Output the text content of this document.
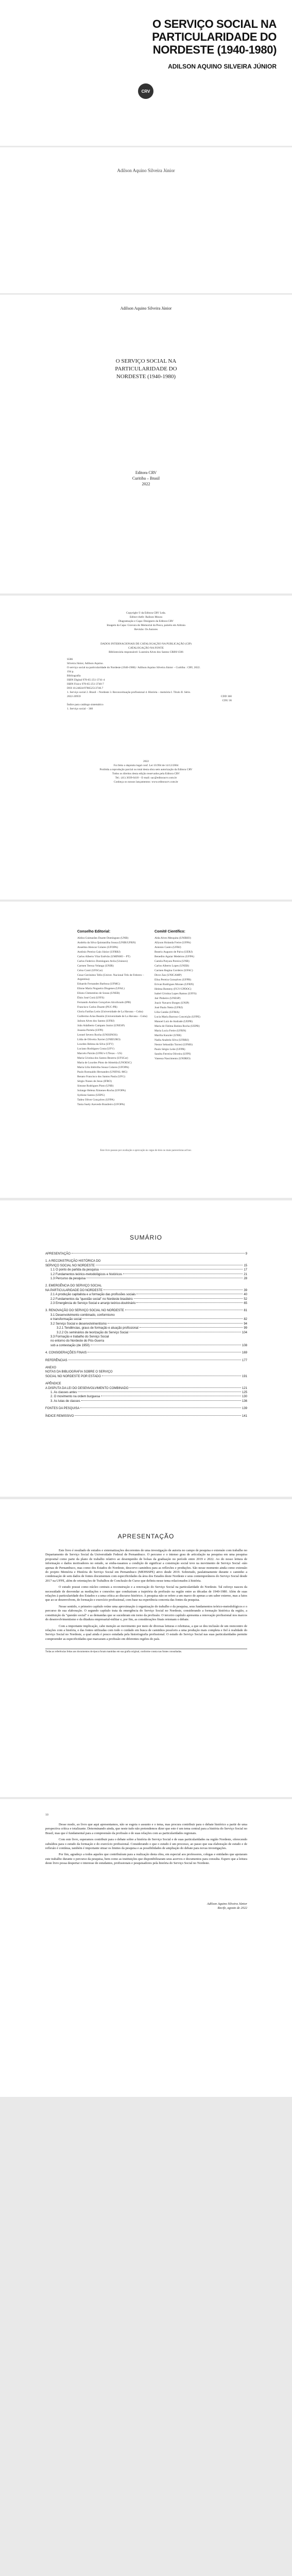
O SERVIÇO SOCIAL NA
PARTICULARIDADE DO
NORDESTE (1940-1980)
ADILSON AQUINO SILVEIRA JÚNIOR
CRV
Adilson Aquino Silveira Júnior
Adilson Aquino Silveira Júnior
O SERVIÇO SOCIAL NA
PARTICULARIDADE DO
NORDESTE (1940-1980)
Editora CRV
Curitiba – Brasil
2022
Copyright © da Editora CRV Ltda.
Editor-chefe: Railson Moura
Diagramação e Capa: Designers da Editora CRV
Imagem da Capa: Gravura do Memorial da Pesca, painéis em Aldraia
Revisão: Os Autores
DADOS INTERNACIONAIS DE CATALOGAÇÃO NA PUBLICAÇÃO (CIP)
CATALOGAÇÃO NA FONTE
Bibliotecária responsável: Luzenira Alves dos Santos CRB9/1506
S586
Silveira Júnior, Adilson Aquino.
O serviço social na particularidade do Nordeste (1940-1980) / Adilson Aquino Silveira Júnior – Curitiba : CRV, 2022.
194 p.
Bibliografia
ISBN Digital 978-65-251-3741-4
ISBN Físico 978-65-251-3740-7
DOI 10.24824/978652513740.7
1. Serviço social 2. Brasil – Nordeste 3. Reconceituação profissional 4. História – memória I. Título II. Série.
2022-20959	CDD 360
CDU 36
Índice para catálogo sistemático
1. Serviço social – 360
2022
Foi feito o depósito legal conf. Lei 10.994 de 14/12/2004
Proibida a reprodução parcial ou total desta obra sem autorização da Editora CRV
Todos os direitos desta edição reservados pela Editora CRV
Tel.: (41) 3039-6418 – E-mail: sac@editoracrv.com.br
Conheça os nossos lançamentos: www.editoracrv.com.br
Conselho Editorial:
Aldira Guimarães Duarte Domínguez (UNB)
Andréia da Silva Quintanilha Sousa (UNIR/UFRN)
Anselmo Alencar Colares (UFOPA)
Antônio Pereira Gaio Júnior (UFRRJ)
Carlos Alberto Vilar Estêvão (UMINHO – PT)
Carlos Federico Domínguez Avila (Unieuro)
Carmen Tereza Velanga (UNIR)
Celso Conti (UFSCar)
Cesar Gerónimo Tello (Univer. Nacional Três de Febrero – Argentina)
Eduardo Fernandes Barbosa (UFMG)
Elione Maria Nogueira Diogenes (UFAL)
Elizeu Clementino de Souza (UNEB)
Élsio José Corá (UFFS)
Fernando Antônio Gonçalves Alcoforado (IPB)
Francisco Carlos Duarte (PUC-PR)
Gloria Fariñas León (Universidade de La Havana – Cuba)
Guillermo Arias Beatón (Universidade de La Havana – Cuba)
Jailson Alves dos Santos (UFRJ)
João Adalberto Campato Junior (UNESP)
Josania Portela (UFPI)
Leonel Severo Rocha (UNISINOS)
Lídia de Oliveira Xavier (UNIEURO)
Lourdes Helena da Silva (UFV)
Luciano Rodrigues Costa (UFV)
Marcelo Paixão (UFRJ e UTexas – US)
Maria Cristina dos Santos Bezerra (UFSCar)
Maria de Lourdes Pinto de Almeida (UNOESC)
Maria Lília Imbiriba Sousa Colares (UFOPA)
Paulo Romualdo Hernandes (UNIFAL-MG)
Renato Francisco dos Santos Paula (UFG)
Sérgio Nunes de Jesus (IFRO)
Simone Rodrigues Pinto (UNB)
Solange Helena Ximenes-Rocha (UFOPA)
Sydione Santos (UEPG)
Tadeu Oliver Gonçalves (UFPA)
Tania Suely Azevedo Brasileiro (UFOPA)
Comitê Científico:
Alda Alves Mesquita (UNIRIO)
Allyson Holanda Freire (UFPA)
Antonio Castro (UFRJ)
Beatriz Augusto de Paiva (UERJ)
Benedito Aguiar Medeiros (UFPA)
Camila Potyara Pereira (UNB)
Carlos Alberto Lopes (UNEB)
Carmen Regina Cordeiro (UFAC)
Dirce Zan (UNICAMP)
Elisa Pereira Gonsalves (UFPB)
Erivan Rodrigues Moraes (UFRN)
Helena Bomeny (FGV/CPDOC)
Isabel Cristina Lopes Ramos (UFFS)
Jair Pinheiro (UNESP)
Joacir Navarro Borges (UNIP)
José Paulo Netto (UFRJ)
Lília Cantão (UFMA)
Lucia Maria Barroso Conceição (UFPE)
Manoel Luiz de Andrade (UEPB)
Maria de Fátima Batista Rocha (UEPB)
Maria Lucia Freire (UFRN)
Marília Kunzler (UNB)
Nadia Anabela Silva (UFRRJ)
Nestor Sebastião Torresi (UFMS)
Paulo Sérgio Leite (UFPR)
Sandra Ferreira Oliveira (UFPI)
Vanessa Nascimento (UNIRIO)
Este livro passou por avaliação e aprovação às cegas de dois ou mais pareceristas ad hoc.
SUMÁRIO
APRESENTAÇÃO	9
1. A RECONSTRUÇÃO HISTÓRICA DO
SERVIÇO SOCIAL NO NORDESTE	15
1.1 O ponto de partida da pesquisa	17
1.2 Fundamentos teórico-metodológicos e históricos	21
1.3 Percurso da pesquisa	28
2. EMERGÊNCIA DO SERVIÇO SOCIAL
NA PARTICULARIDADE DO NORDESTE	39
2.1 A produção capitalista e a formação das profissões sociais	40
2.2 Fundamentos da "questão social" no Nordeste brasileiro	52
2.3 Emergência do Serviço Social e arranjo teórico-doutrinário	65
3. RENOVAÇÃO DO SERVIÇO SOCIAL NO NORDESTE	81
3.1 Desenvolvimento combinado, conformismo
e transformação social	82
3.2 Serviço Social e desenvolvimentismo	94
3.2.1 Tendências, graus de formação e atuação profissional	99
3.2.2 Os seminários de teorização do Serviço Social	104
3.3 Formação e trabalho do Serviço Social
no entorno do Nordeste do Pós-Guerra
sob a contestação (de 1950)	108
4. CONSIDERAÇÕES FINAIS	169
REFERÊNCIAS	177
ANEXO
NOTAS DA BIBLIOGRAFIA SOBRE O SERVIÇO
SOCIAL NO NORDESTE POR ESTADO	191
APÊNDICE
A DISPUTA DA LEI DO DESENVOLVIMENTO COMBINADO	121
1. As classes antes	125
2. O movimento na ordem burguesa	130
3. As lutas de classes	136
FONTES DA PESQUISA	139
ÍNDICE REMISSIVO	141
APRESENTAÇÃO

Este livro é resultado de estudos e sistematizações decorrentes de uma investigação de autoria no campo de pesquisa e extensão com trabalho no Departamento de Serviço Social da Universidade Federal de Pernambuco. O percurso e o intenso grau de articulação na pesquisa em uma pesquisa proposital como parte da plano de trabalho relativo ao desempenho de bolsas da graduação no período entre 2019 e 2022. Ao do nosso leitura de informação e dados motivadores no estudo, se emba-rasamos a condição de significar a construção social teve na movimento de Serviço Social -não apenas de Pernambuco, mas como dos Estados do Nordeste, descorvo caminhos para as reflexões e produções. São nesse momento ainda como extensão do projeto Memória e História do Serviço Social em Pernambuco (MEHSSPE) ativo desde 2019. Sobretudo, paulatinamente durante o caminho a condensação de sem dados de fontes documentais com especificidades da área dos Estados deste Nordeste e seus contemporâneos do Serviço Social desde 2017 na UFPE, além de orientações de Trabalhos de Conclusão de Curso que definiu nesse tema relacionados à história.

O estudo possui como núcleo centrais a reconstrução e a renovação do Serviço Social na particularidade do Nordeste. Tal esforço nasceu da necessidade de desvendar as mediações e conexões que conduziram a trajetória da profissão na região entre as décadas de 1940-1980. Além de suas relações à particularidade dos Estados e a uma crítica ao discurso histórico. A pesquisa não se refere a um marco de apenas a um saber externo, mas a fatos que ao se desenvolvem, de formação e exercício profissional, com base na experiência concreta das fontes da pesquisa.

Nesse sentido, o primeiro capítulo reúne uma aproximação à organização do trabalho e da pesquisa, seus fundamentos teórico-metodológicos e o percurso de sua elaboração. O segundo capítulo trata da emergência do Serviço Social no Nordeste, considerando a formação histórica da região, a constituição da "questão social" e as demandas que se sucederam em torno da profissão. O terceiro capítulo apresenta a renovação profissional nos marcos do desenvolvimentismo e da ditadura empresarial-militar e, por fim, as considerações finais retomam o debate.

Com a importante implicação, cabe menção ao movimento por meio de diversas leituras e releituras, a que se deu inclusão de um reencontro de relações com a história, e das fontes utilizadas com todo o cuidado em busca de caminhos possíveis a uma produção mais completa e fiel à realidade do Serviço Social no Nordeste, a qual ainda é pouco estudada pela historiografia profissional. O estudo do Serviço Social nas suas particularidades permite compreender as especificidades que marcaram a profissão em diferentes regiões do país.

Todas as referências feitas aos documentos de época foram mantidas em sua grafia original, conforme consta nas fontes consultadas.

10

Desse modo, ao livro que aqui apresentamos, não se esgota o assunto e o tema, mas procura contribuir para o debate histórico a partir de uma perspectiva crítica e totalizante. Determinando ainda, que neste tudo não pretendemos dizer que este é um tema central para a história do Serviço Social no Brasil, mas que é fundamental para a compreensão da profissão e de suas relações com as particularidades regionais.

Com este livro, esperamos contribuir para o debate sobre a história do Serviço Social e de suas particularidades na região Nordeste, oferecendo subsídios para o estudo da formação e do exercício profissional. Considerando o que o estudo é um processo, ao passo que sua elaboração de estudo e de reflexão é contínua, também é importante situar os limites da pesquisa e as possibilidades de ampliação do debate para novas investigações.

Por fim, agradeço a todos aqueles que contribuíram para a realização desta obra, em especial aos professores, colegas e entidades que apoiaram este trabalho durante o percurso da pesquisa, bem como as instituições que disponibilizaram seus acervos e documentos para consulta. Espero que a leitura deste livro possa despertar o interesse de estudantes, profissionais e pesquisadores pela história do Serviço Social no Nordeste.

Adilson Aquino Silveira Júnior
Recife, agosto de 2022
